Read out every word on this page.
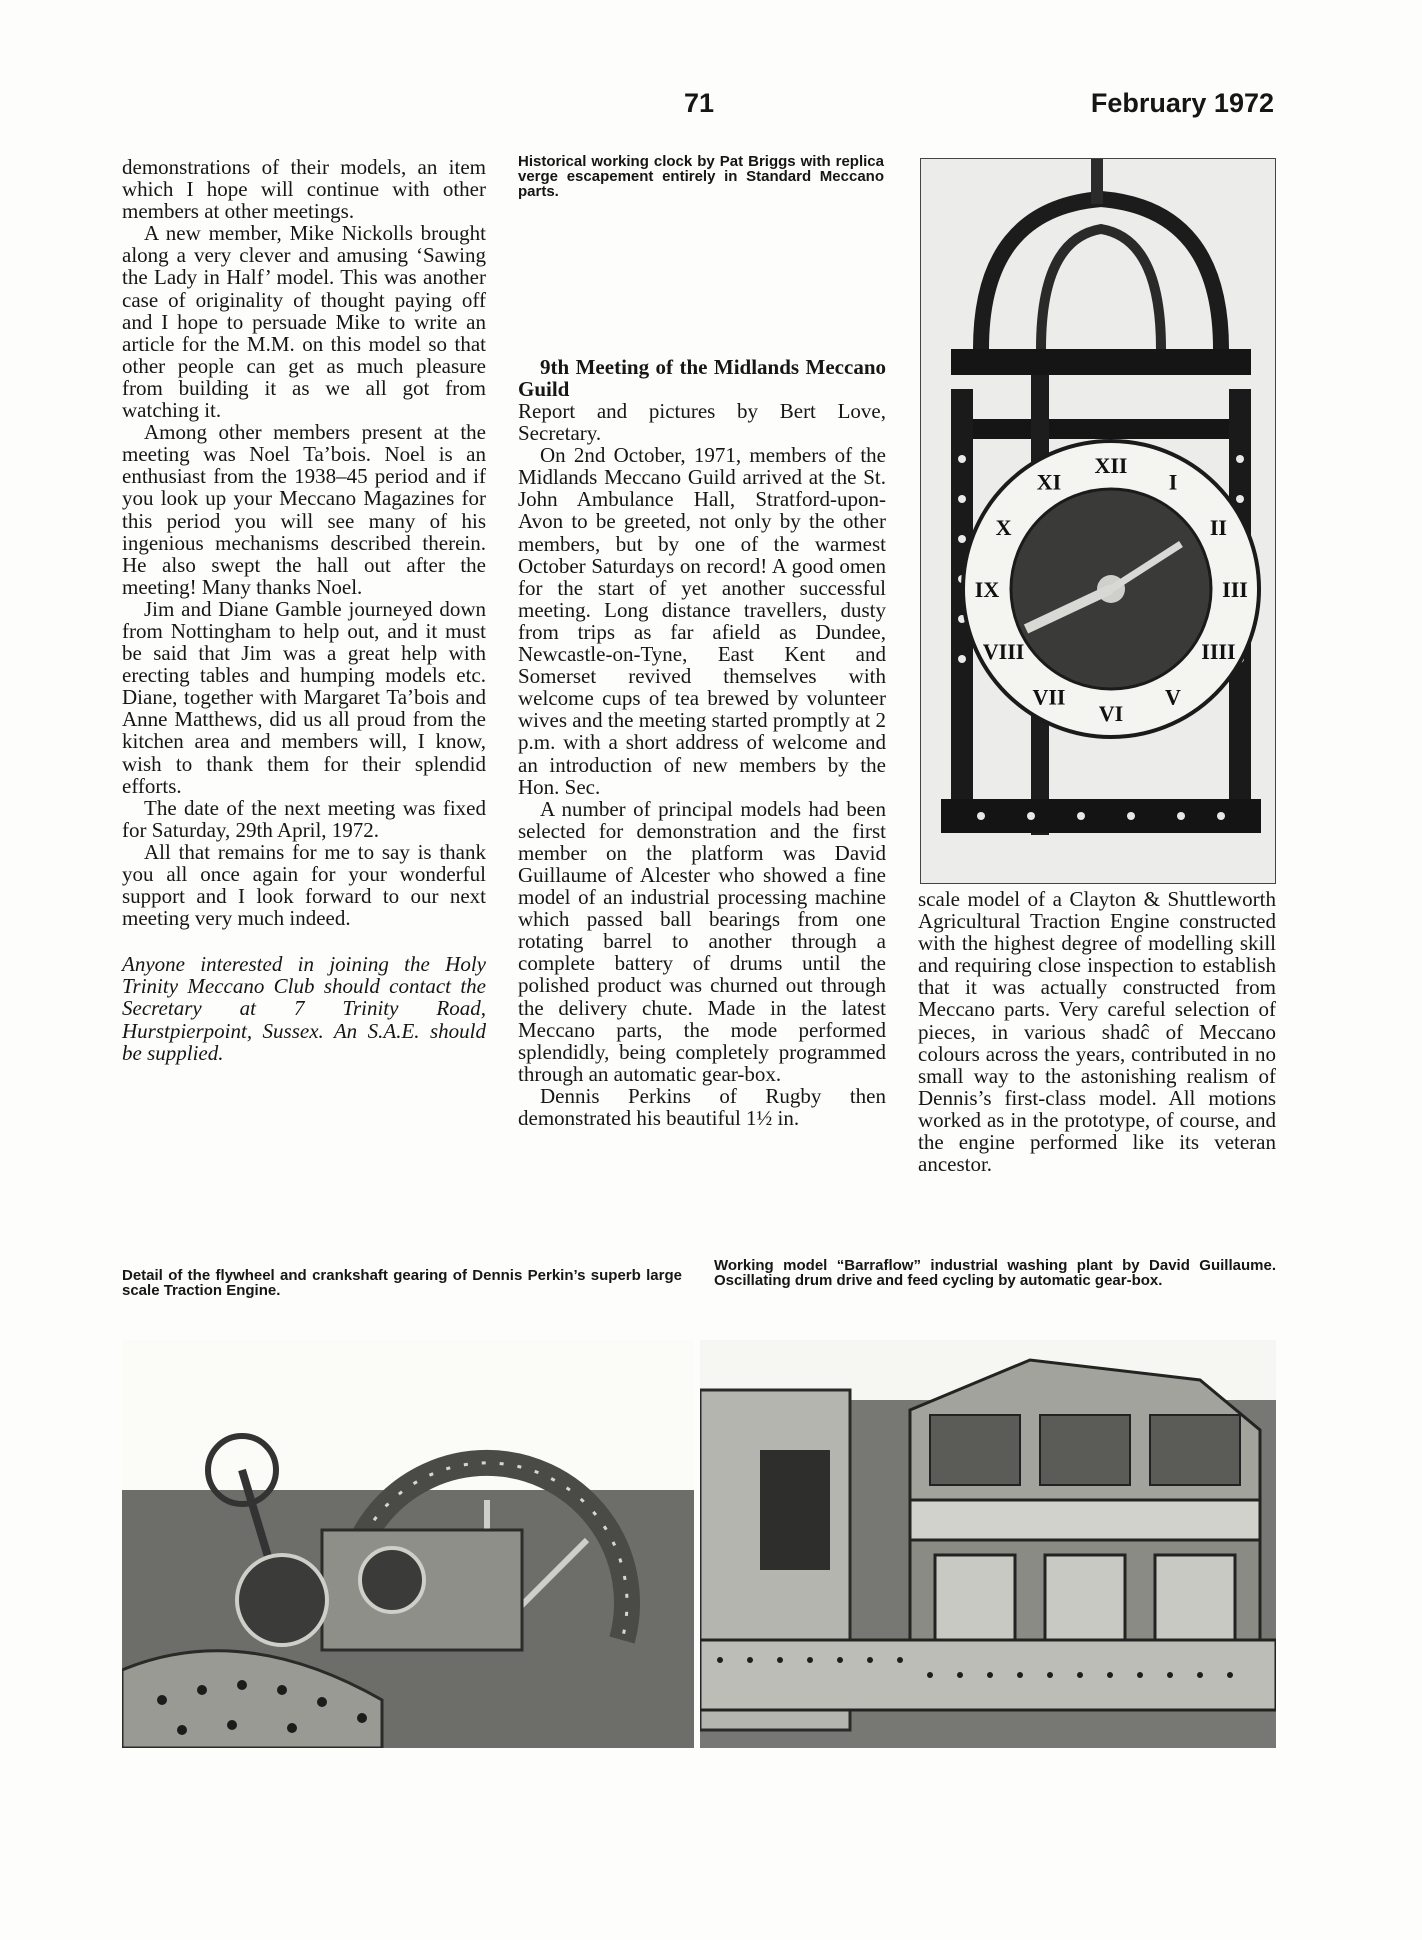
71	February 1972

demonstrations of their models, an item which I hope will continue with other members at other meetings.

A new member, Mike Nickolls brought along a very clever and amusing ‘Sawing the Lady in Half’ model. This was another case of originality of thought paying off and I hope to persuade Mike to write an article for the M.M. on this model so that other people can get as much pleasure from building it as we all got from watching it.

Among other members present at the meeting was Noel Ta’bois. Noel is an enthusiast from the 1938–45 period and if you look up your Meccano Magazines for this period you will see many of his ingenious mechanisms described therein. He also swept the hall out after the meeting! Many thanks Noel.

Jim and Diane Gamble journeyed down from Nottingham to help out, and it must be said that Jim was a great help with erecting tables and humping models etc. Diane, together with Margaret Ta’bois and Anne Matthews, did us all proud from the kitchen area and members will, I know, wish to thank them for their splendid efforts.

The date of the next meeting was fixed for Saturday, 29th April, 1972.

All that remains for me to say is thank you all once again for your wonderful support and I look forward to our next meeting very much indeed.

Anyone interested in joining the Holy Trinity Meccano Club should contact the Secretary at 7 Trinity Road, Hurstpierpoint, Sussex. An S.A.E. should be supplied.

Historical working clock by Pat Briggs with replica verge escapement entirely in Standard Meccano parts.

9th Meeting of the Midlands Meccano Guild

Report and pictures by Bert Love, Secretary.

On 2nd October, 1971, members of the Midlands Meccano Guild arrived at the St. John Ambulance Hall, Stratford-upon-Avon to be greeted, not only by the other members, but by one of the warmest October Saturdays on record! A good omen for the start of yet another successful meeting. Long distance travellers, dusty from trips as far afield as Dundee, Newcastle-on-Tyne, East Kent and Somerset revived themselves with welcome cups of tea brewed by volunteer wives and the meeting started promptly at 2 p.m. with a short address of welcome and an introduction of new members by the Hon. Sec.

A number of principal models had been selected for demonstration and the first member on the platform was David Guillaume of Alcester who showed a fine model of an industrial processing machine which passed ball bearings from one rotating barrel to another through a complete battery of drums until the polished product was churned out through the delivery chute. Made in the latest Meccano parts, the mode performed splendidly, being completely programmed through an automatic gear-box.

Dennis Perkins of Rugby then demonstrated his beautiful 1½ in.

XII
I
II
III
IIII
V
VI
VII
VIII
IX
X
XI

scale model of a Clayton & Shuttleworth Agricultural Traction Engine constructed with the highest degree of modelling skill and requiring close inspection to establish that it was actually constructed from Meccano parts. Very careful selection of pieces, in various shadĉ of Meccano colours across the years, contributed in no small way to the astonishing realism of Dennis’s first-class model. All motions worked as in the prototype, of course, and the engine performed like its veteran ancestor.

Detail of the flywheel and crankshaft gearing of Dennis Perkin’s superb large scale Traction Engine.
Working model “Barraflow” industrial washing plant by David Guillaume. Oscillating drum drive and feed cycling by automatic gear-box.
